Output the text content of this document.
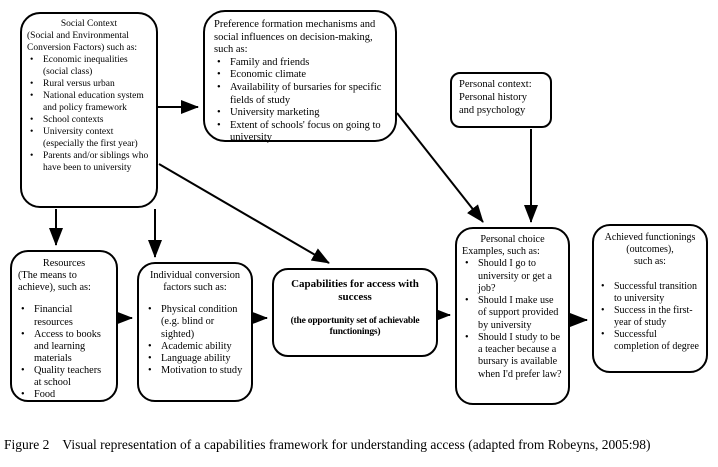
Social Context
(Social and Environmental Conversion Factors) such as:
•	Economic inequalities (social class)
•	Rural versus urban
•	National education system and policy framework
•	School contexts
•	University context (especially the first year)
•	Parents and/or siblings who have been to university
Preference formation mechanisms and social influences on decision-making, such as:
• Family and friends
• Economic climate
• Availability of bursaries for specific fields of study
• University marketing
• Extent of schools' focus on going to university
Personal context: Personal history and psychology
Resources
(The means to achieve), such as:
• Financial resources
• Access to books and learning materials
• Quality teachers at school
• Food
Individual conversion factors such as:
• Physical condition (e.g. blind or sighted)
• Academic ability
• Language ability
• Motivation to study
Capabilities for access with success
(the opportunity set of achievable functionings)
Personal choice
Examples, such as:
• Should I go to university or get a job?
• Should I make use of support provided by university
• Should I study to be a teacher because a bursary is available when I'd prefer law?
Achieved functionings
(outcomes),
such as:
• Successful transition to university
• Success in the first-year of study
• Successful completion of degree
Figure 2 Visual representation of a capabilities framework for understanding access (adapted from Robeyns, 2005:98)
